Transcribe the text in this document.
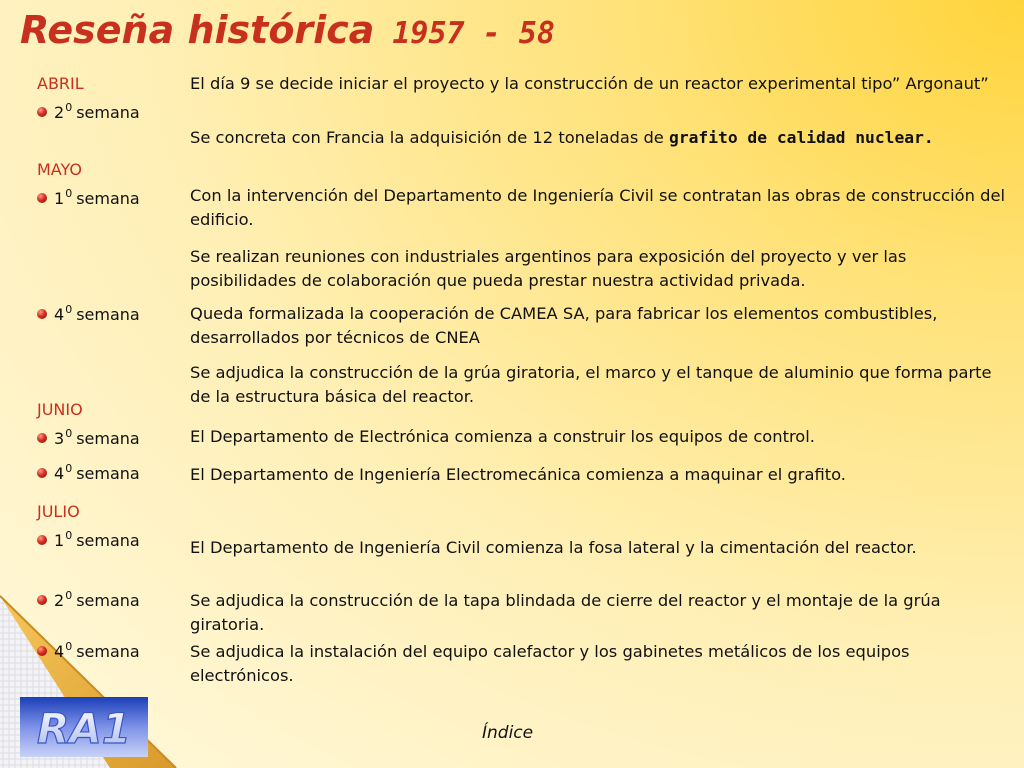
Reseña histórica 1957 - 58
ABRIL
MAYO
JUNIO
JULIO
2 0 semana
1 0 semana
4 0 semana
3 0 semana
4 0 semana
1 0 semana
2 0 semana
4 0 semana
El día 9 se decide iniciar el proyecto y la construcción de un reactor experimental tipo” Argonaut”
Se concreta con Francia la adquisición de 12 toneladas de grafito de calidad nuclear.
Con la intervención del Departamento de Ingeniería Civil se contratan las obras de construcción del edificio.
Se realizan reuniones con industriales argentinos para exposición del proyecto y ver las posibilidades de colaboración que pueda prestar nuestra actividad privada.
Queda formalizada la cooperación de CAMEA SA, para fabricar los elementos combustibles, desarrollados por técnicos de CNEA
Se adjudica la construcción de la grúa giratoria, el marco y el tanque de aluminio que forma parte de la estructura básica del reactor.
El Departamento de Electrónica comienza a construir los equipos de control.
El Departamento de Ingeniería Electromecánica comienza a maquinar el grafito.
El Departamento de Ingeniería Civil comienza la fosa lateral y la cimentación del reactor.
Se adjudica la construcción de la tapa blindada de cierre del reactor y el montaje de la grúa giratoria.
Se adjudica la instalación del equipo calefactor y los gabinetes metálicos de los equipos electrónicos.
RA1	Índice
